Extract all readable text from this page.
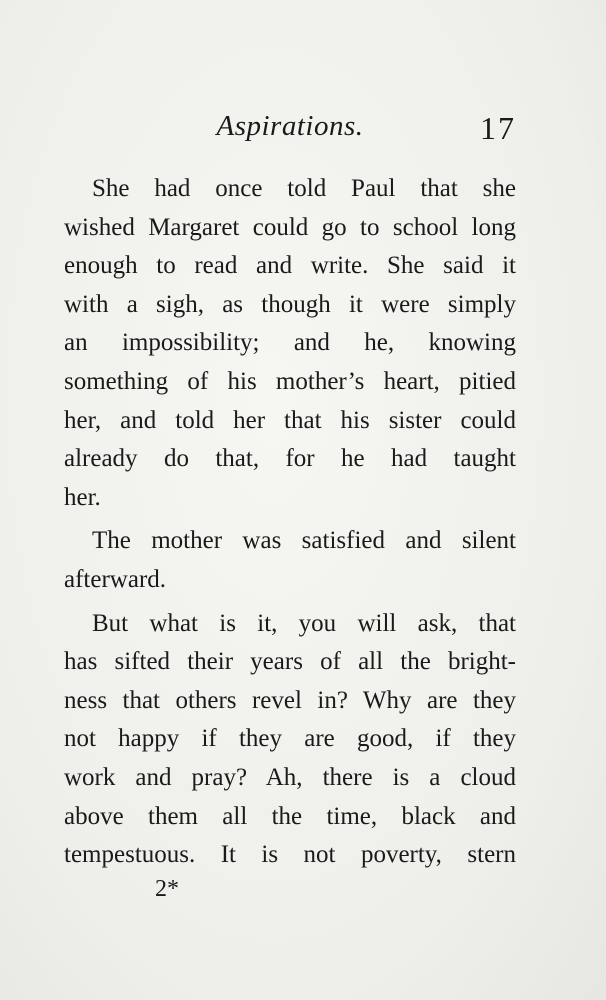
Aspirations.	17
She had once told Paul that she
wished Margaret could go to school long
enough to read and write. She said it
with a sigh, as though it were simply
an impossibility; and he, knowing
something of his mother’s heart, pitied
her, and told her that his sister could
already do that, for he had taught
her.
The mother was satisfied and silent
afterward.
But what is it, you will ask, that
has sifted their years of all the bright-
ness that others revel in? Why are they
not happy if they are good, if they
work and pray? Ah, there is a cloud
above them all the time, black and
tempestuous. It is not poverty, stern
2*
